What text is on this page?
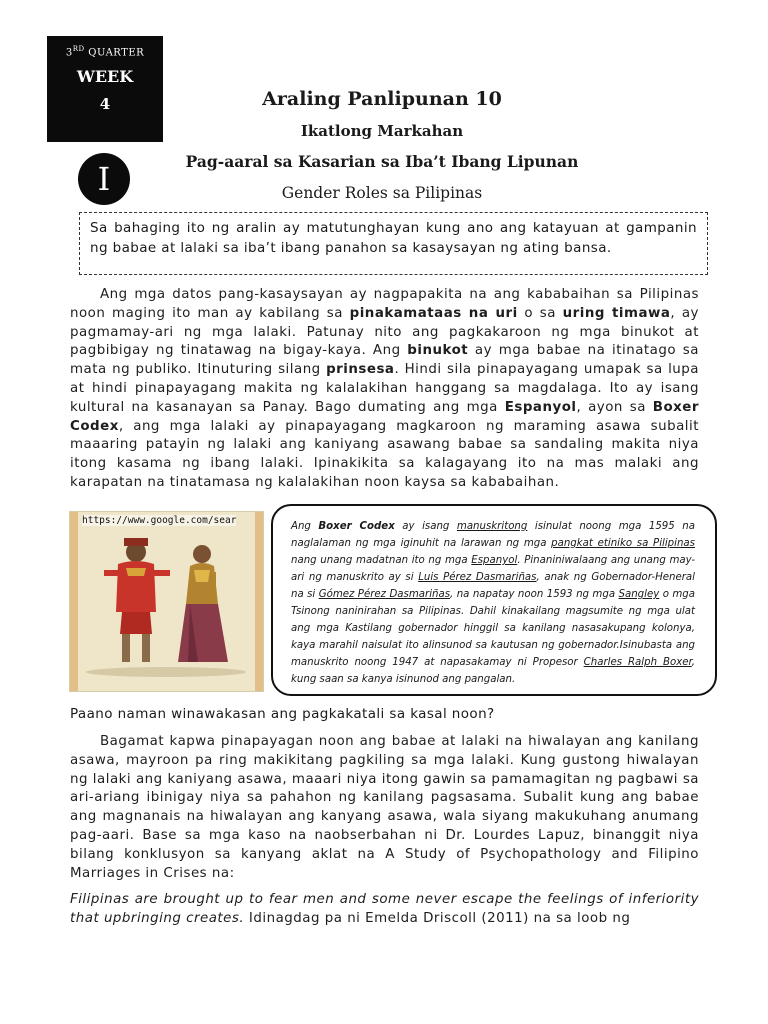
3RD QUARTER
WEEK
4	Araling Panlipunan 10
Ikatlong Markahan
I	Pag-aaral sa Kasarian sa Iba’t Ibang Lipunan
Gender Roles sa Pilipinas
Sa bahaging ito ng aralin ay matutunghayan kung ano ang katayuan at gampanin ng babae at lalaki sa iba’t ibang panahon sa kasaysayan ng ating bansa.

Ang mga datos pang-kasaysayan ay nagpapakita na ang kababaihan sa Pilipinas noon maging ito man ay kabilang sa pinakamataas na uri o sa uring timawa, ay pagmamay-ari ng mga lalaki. Patunay nito ang pagkakaroon ng mga binukot at pagbibigay ng tinatawag na bigay-kaya. Ang binukot ay mga babae na itinatago sa mata ng publiko. Itinuturing silang prinsesa. Hindi sila pinapayagang umapak sa lupa at hindi pinapayagang makita ng kalalakihan hanggang sa magdalaga. Ito ay isang kultural na kasanayan sa Panay. Bago dumating ang mga Espanyol, ayon sa Boxer Codex, ang mga lalaki ay pinapayagang magkaroon ng maraming asawa subalit maaaring patayin ng lalaki ang kaniyang asawang babae sa sandaling makita niya itong kasama ng ibang lalaki. Ipinakikita sa kalagayang ito na mas malaki ang karapatan na tinatamasa ng kalalakihan noon kaysa sa kababaihan.

https://www.google.com/sear
Ang Boxer Codex ay isang manuskritong isinulat noong mga 1595 na naglalaman ng mga iginuhit na larawan ng mga pangkat etiniko sa Pilipinas nang unang madatnan ito ng mga Espanyol. Pinaniniwalaang ang unang may-ari ng manuskrito ay si Luis Pérez Dasmariñas, anak ng Gobernador-Heneral na si Gómez Pérez Dasmariñas, na napatay noon 1593 ng mga Sangley o mga Tsinong naninirahan sa Pilipinas. Dahil kinakailang magsumite ng mga ulat ang mga Kastilang gobernador hinggil sa kanilang nasasakupang kolonya, kaya marahil naisulat ito alinsunod sa kautusan ng gobernador.Isinubasta ang manuskrito noong 1947 at napasakamay ni Propesor Charles Ralph Boxer, kung saan sa kanya isinunod ang pangalan.
Paano naman winawakasan ang pagkakatali sa kasal noon?

Bagamat kapwa pinapayagan noon ang babae at lalaki na hiwalayan ang kanilang asawa, mayroon pa ring makikitang pagkiling sa mga lalaki. Kung gustong hiwalayan ng lalaki ang kaniyang asawa, maaari niya itong gawin sa pamamagitan ng pagbawi sa ari-ariang ibinigay niya sa pahahon ng kanilang pagsasama. Subalit kung ang babae ang magnanais na hiwalayan ang kanyang asawa, wala siyang makukuhang anumang pag-aari. Base sa mga kaso na naobserbahan ni Dr. Lourdes Lapuz, binanggit niya bilang konklusyon sa kanyang aklat na A Study of Psychopathology and Filipino Marriages in Crises na:

Filipinas are brought up to fear men and some never escape the feelings of inferiority that upbringing creates. Idinagdag pa ni Emelda Driscoll (2011) na sa loob ng
